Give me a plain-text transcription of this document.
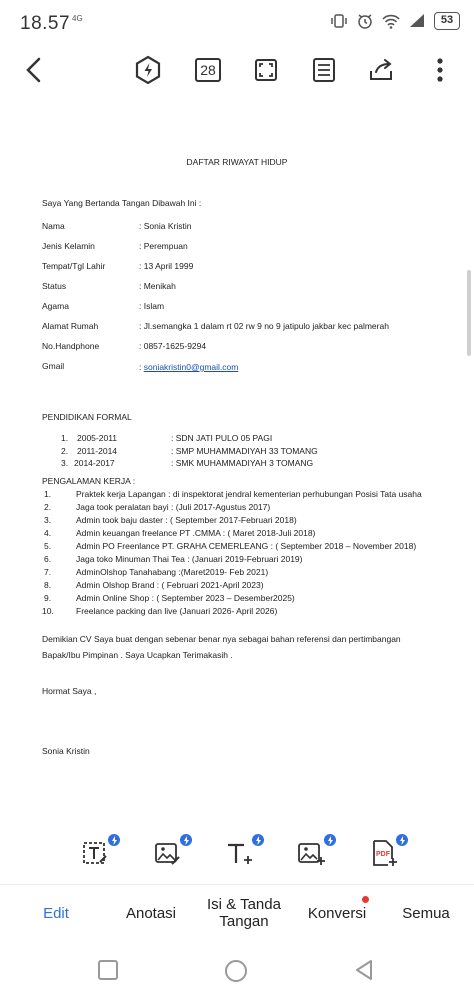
18.57 4G	53
28
DAFTAR RIWAYAT HIDUP
Saya Yang Bertanda Tangan Dibawah Ini :
Nama	: Sonia Kristin
Jenis Kelamin	: Perempuan
Tempat/Tgl Lahir	: 13 April 1999
Status	: Menikah
Agama	: Islam
Alamat Rumah	: Jl.semangka 1 dalam rt 02 rw 9 no 9 jatipulo jakbar kec palmerah
No.Handphone	: 0857-1625-9294
Gmail	: soniakristin0@gmail.com
PENDIDIKAN FORMAL
1. 2005-2011	: SDN JATI PULO 05 PAGI
2. 2011-2014	: SMP MUHAMMADIYAH 33 TOMANG
3. 2014-2017	: SMK MUHAMMADIYAH 3 TOMANG
PENGALAMAN KERJA :
1.	Praktek kerja Lapangan : di inspektorat jendral kementerian perhubungan Posisi Tata usaha
2.	Jaga took peralatan bayi : (Juli 2017-Agustus 2017)
3.	Admin took baju daster : ( September 2017-Februari 2018)
4.	Admin keuangan freelance PT .CMMA : ( Maret 2018-Juli 2018)
5.	Admin PO Freenlance PT. GRAHA CEMERLEANG : ( September 2018 – November 2018)
6.	Jaga toko Minuman Thai Tea : (Januari 2019-Februari 2019)
7.	AdminOlshop Tanahabang :(Maret2019- Feb 2021)
8.	Admin Olshop Brand : ( Februari 2021-April 2023)
9.	Admin Online Shop : ( September 2023 – Desember2025)
10.	Freelance packing dan live (Januari 2026- April 2026)
Demikian CV Saya buat dengan sebenar benar nya sebagai bahan referensi dan pertimbangan
Bapak/Ibu Pimpinan . Saya Ucapkan Terimakasih .
Hormat Saya ,
Sonia Kristin
PDF
Edit	Anotasi	Isi & Tanda
Tangan	Konversi	Semua
